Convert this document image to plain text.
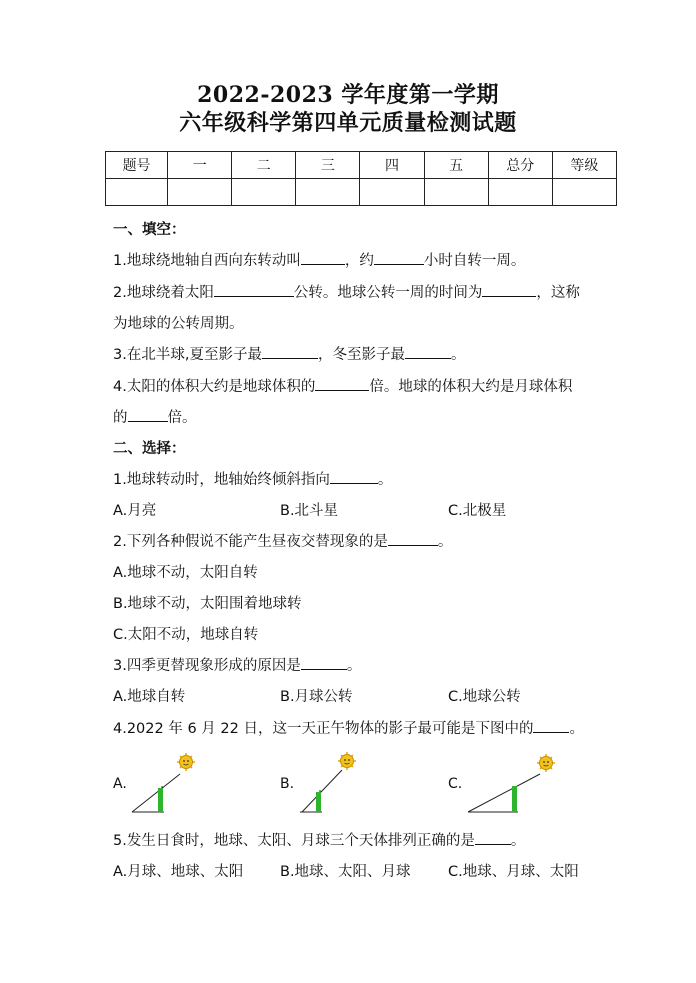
2022-2023 学年度第一学期
六年级科学第四单元质量检测试题
题号	一	二	三	四	五	总分	等级

一、填空：
1.地球绕地轴自西向东转动叫	，约	小时自转一周。
2.地球绕着太阳	公转。地球公转一周的时间为	，这称
为地球的公转周期。
3.在北半球,夏至影子最	，冬至影子最	。
4.太阳的体积大约是地球体积的	倍。地球的体积大约是月球体积
的	倍。
二、选择：
1.地球转动时，地轴始终倾斜指向	。
A.月亮	B.北斗星	C.北极星
2.下列各种假说不能产生昼夜交替现象的是	。
A.地球不动，太阳自转
B.地球不动，太阳围着地球转
C.太阳不动，地球自转
3.四季更替现象形成的原因是	。
A.地球自转	B.月球公转	C.地球公转
4.2022 年 6 月 22 日，这一天正午物体的影子最可能是下图中的 。
A.	B.	C.
5.发生日食时，地球、太阳、月球三个天体排列正确的是 。
A.月球、地球、太阳	B.地球、太阳、月球	C.地球、月球、太阳
